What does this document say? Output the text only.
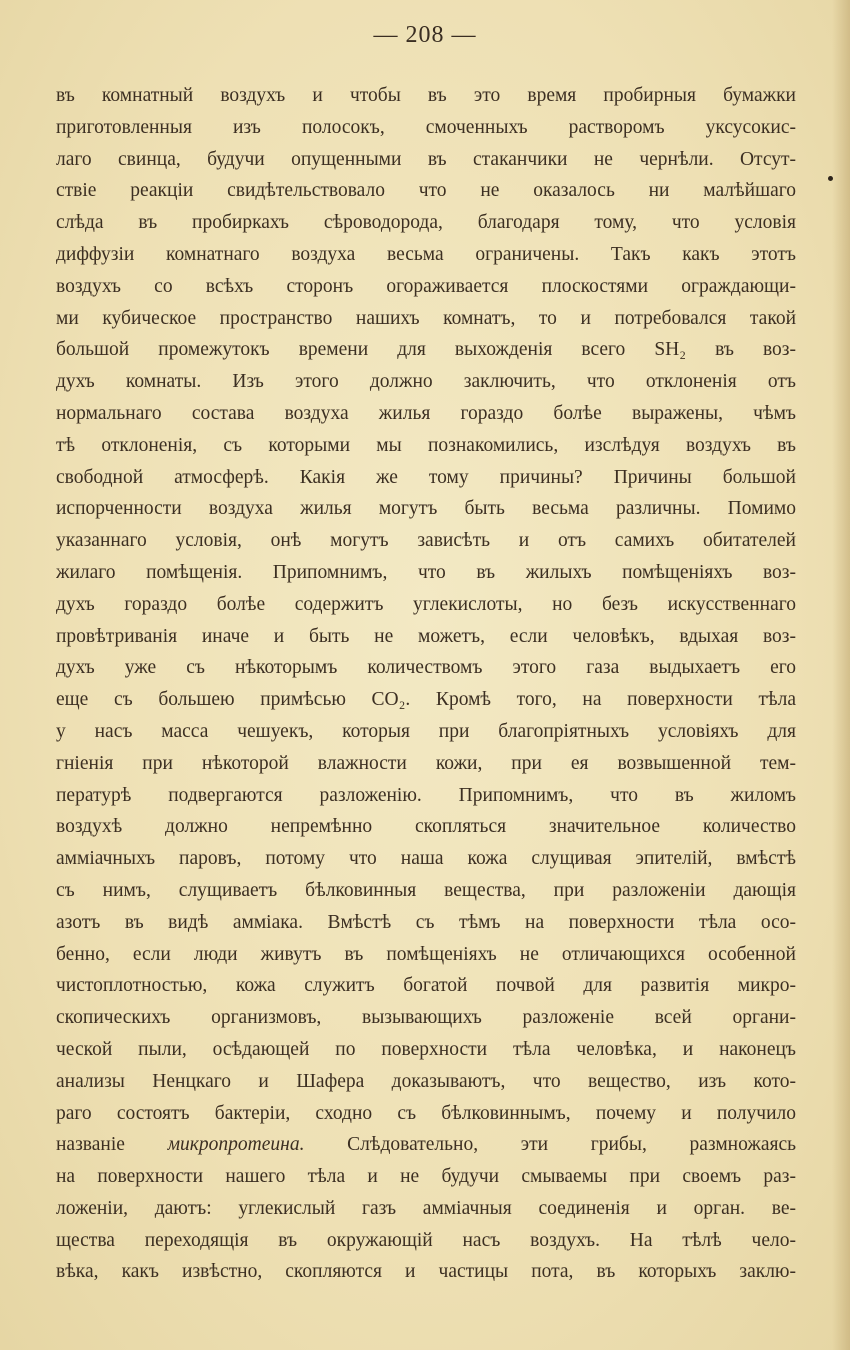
— 208 —
въ комнатный воздухъ и чтобы въ это время пробирныя бумажки
приготовленныя изъ полосокъ, смоченныхъ растворомъ уксусокис-
лаго свинца, будучи опущенными въ стаканчики не чернѣли. Отсут-
ствіе реакціи свидѣтельствовало что не оказалось ни малѣйшаго
слѣда въ пробиркахъ сѣроводорода, благодаря тому, что условія
диффузіи комнатнаго воздуха весьма ограничены. Такъ какъ этотъ
воздухъ со всѣхъ сторонъ огораживается плоскостями ограждающи-
ми кубическое пространство нашихъ комнатъ, то и потребовался такой
большой промежутокъ времени для выхожденія всего SH₂ въ воз-
духъ комнаты. Изъ этого должно заключить, что отклоненія отъ
нормальнаго состава воздуха жилья гораздо болѣе выражены, чѣмъ
тѣ отклоненія, съ которыми мы познакомились, изслѣдуя воздухъ въ
свободной атмосферѣ. Какія же тому причины? Причины большой
испорченности воздуха жилья могутъ быть весьма различны. Помимо
указаннаго условія, онѣ могутъ зависѣть и отъ самихъ обитателей
жилаго помѣщенія. Припомнимъ, что въ жилыхъ помѣщеніяхъ воз-
духъ гораздо болѣе содержитъ углекислоты, но безъ искусственнаго
провѣтриванія иначе и быть не можетъ, если человѣкъ, вдыхая воз-
духъ уже съ нѣкоторымъ количествомъ этого газа выдыхаетъ его
еще съ большею примѣсью CO₂. Кромѣ того, на поверхности тѣла
у насъ масса чешуекъ, которыя при благопріятныхъ условіяхъ для
гніенія при нѣкоторой влажности кожи, при ея возвышенной тем-
пературѣ подвергаются разложенію. Припомнимъ, что въ жиломъ
воздухѣ должно непремѣнно скопляться значительное количество
амміачныхъ паровъ, потому что наша кожа слущивая эпителій, вмѣстѣ
съ нимъ, слущиваетъ бѣлковинныя вещества, при разложеніи дающія
азотъ въ видѣ аммiака. Вмѣстѣ съ тѣмъ на поверхности тѣла осо-
бенно, если люди живутъ въ помѣщеніяхъ не отличающихся особенной
чистоплотностью, кожа служитъ богатой почвой для развитія микро-
скопическихъ организмовъ, вызывающихъ разложеніе всей органи-
ческой пыли, осѣдающей по поверхности тѣла человѣка, и наконецъ
анализы Ненцкаго и Шафера доказываютъ, что вещество, изъ кото-
раго состоятъ бактеріи, сходно съ бѣлковиннымъ, почему и получило
названіе микропротеина. Слѣдовательно, эти грибы, размножаясь
на поверхности нашего тѣла и не будучи смываемы при своемъ раз-
ложеніи, даютъ: углекислый газъ амміачныя соединенія и орган. ве-
щества переходящія въ окружающій насъ воздухъ. На тѣлѣ чело-
вѣка, какъ извѣстно, скопляются и частицы пота, въ которыхъ заклю-
